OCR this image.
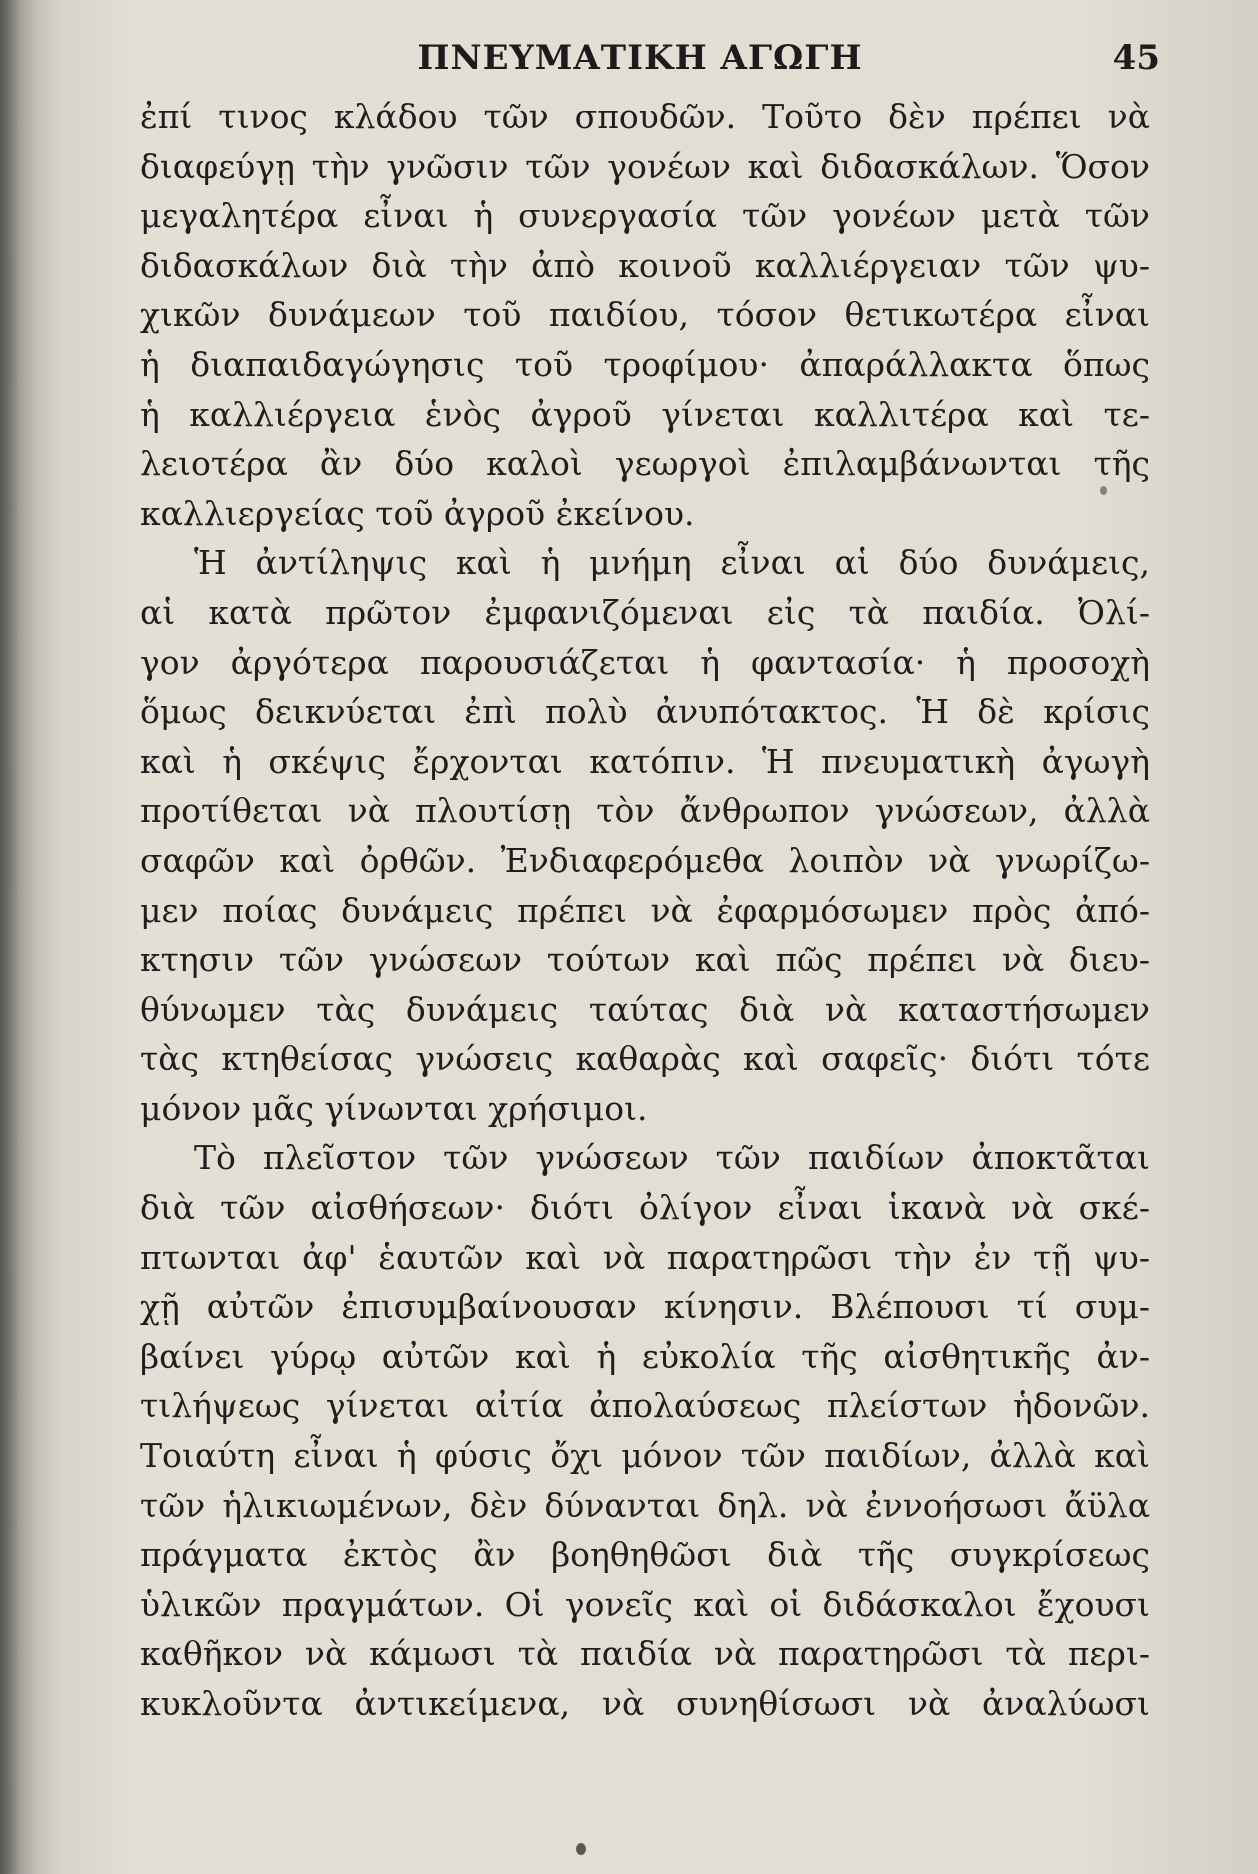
ΠΝΕΥΜΑΤΙΚΗ ΑΓΩΓΗ	45
ἐπί τινος κλάδου τῶν σπουδῶν. Τοῦτο δὲν πρέπει νὰ
διαφεύγῃ τὴν γνῶσιν τῶν γονέων καὶ διδασκάλων. Ὅσον
μεγαλητέρα εἶναι ἡ συνεργασία τῶν γονέων μετὰ τῶν
διδασκάλων διὰ τὴν ἀπὸ κοινοῦ καλλιέργειαν τῶν ψυ-
χικῶν δυνάμεων τοῦ παιδίου, τόσον θετικωτέρα εἶναι
ἡ διαπαιδαγώγησις τοῦ τροφίμου· ἀπαράλλακτα ὅπως
ἡ καλλιέργεια ἑνὸς ἀγροῦ γίνεται καλλιτέρα καὶ τε-
λειοτέρα ἂν δύο καλοὶ γεωργοὶ ἐπιλαμβάνωνται τῆς
καλλιεργείας τοῦ ἀγροῦ ἐκείνου.
Ἡ ἀντίληψις καὶ ἡ μνήμη εἶναι αἱ δύο δυνάμεις,
αἱ κατὰ πρῶτον ἐμφανιζόμεναι εἰς τὰ παιδία. Ὀλί-
γον ἀργότερα παρουσιάζεται ἡ φαντασία· ἡ προσοχὴ
ὅμως δεικνύεται ἐπὶ πολὺ ἀνυπότακτος. Ἡ δὲ κρίσις
καὶ ἡ σκέψις ἔρχονται κατόπιν. Ἡ πνευματικὴ ἀγωγὴ
προτίθεται νὰ πλουτίσῃ τὸν ἄνθρωπον γνώσεων, ἀλλὰ
σαφῶν καὶ ὀρθῶν. Ἐνδιαφερόμεθα λοιπὸν νὰ γνωρίζω-
μεν ποίας δυνάμεις πρέπει νὰ ἐφαρμόσωμεν πρὸς ἀπό-
κτησιν τῶν γνώσεων τούτων καὶ πῶς πρέπει νὰ διευ-
θύνωμεν τὰς δυνάμεις ταύτας διὰ νὰ καταστήσωμεν
τὰς κτηθείσας γνώσεις καθαρὰς καὶ σαφεῖς· διότι τότε
μόνον μᾶς γίνωνται χρήσιμοι.
Τὸ πλεῖστον τῶν γνώσεων τῶν παιδίων ἀποκτᾶται
διὰ τῶν αἰσθήσεων· διότι ὀλίγον εἶναι ἱκανὰ νὰ σκέ-
πτωνται ἀφ' ἑαυτῶν καὶ νὰ παρατηρῶσι τὴν ἐν τῇ ψυ-
χῇ αὐτῶν ἐπισυμβαίνουσαν κίνησιν. Βλέπουσι τί συμ-
βαίνει γύρῳ αὐτῶν καὶ ἡ εὐκολία τῆς αἰσθητικῆς ἀν-
τιλήψεως γίνεται αἰτία ἀπολαύσεως πλείστων ἡδονῶν.
Τοιαύτη εἶναι ἡ φύσις ὄχι μόνον τῶν παιδίων, ἀλλὰ καὶ
τῶν ἡλικιωμένων, δὲν δύνανται δηλ. νὰ ἐννοήσωσι ἄϋλα
πράγματα ἐκτὸς ἂν βοηθηθῶσι διὰ τῆς συγκρίσεως
ὑλικῶν πραγμάτων. Οἱ γονεῖς καὶ οἱ διδάσκαλοι ἔχουσι
καθῆκον νὰ κάμωσι τὰ παιδία νὰ παρατηρῶσι τὰ περι-
κυκλοῦντα ἀντικείμενα, νὰ συνηθίσωσι νὰ ἀναλύωσι
